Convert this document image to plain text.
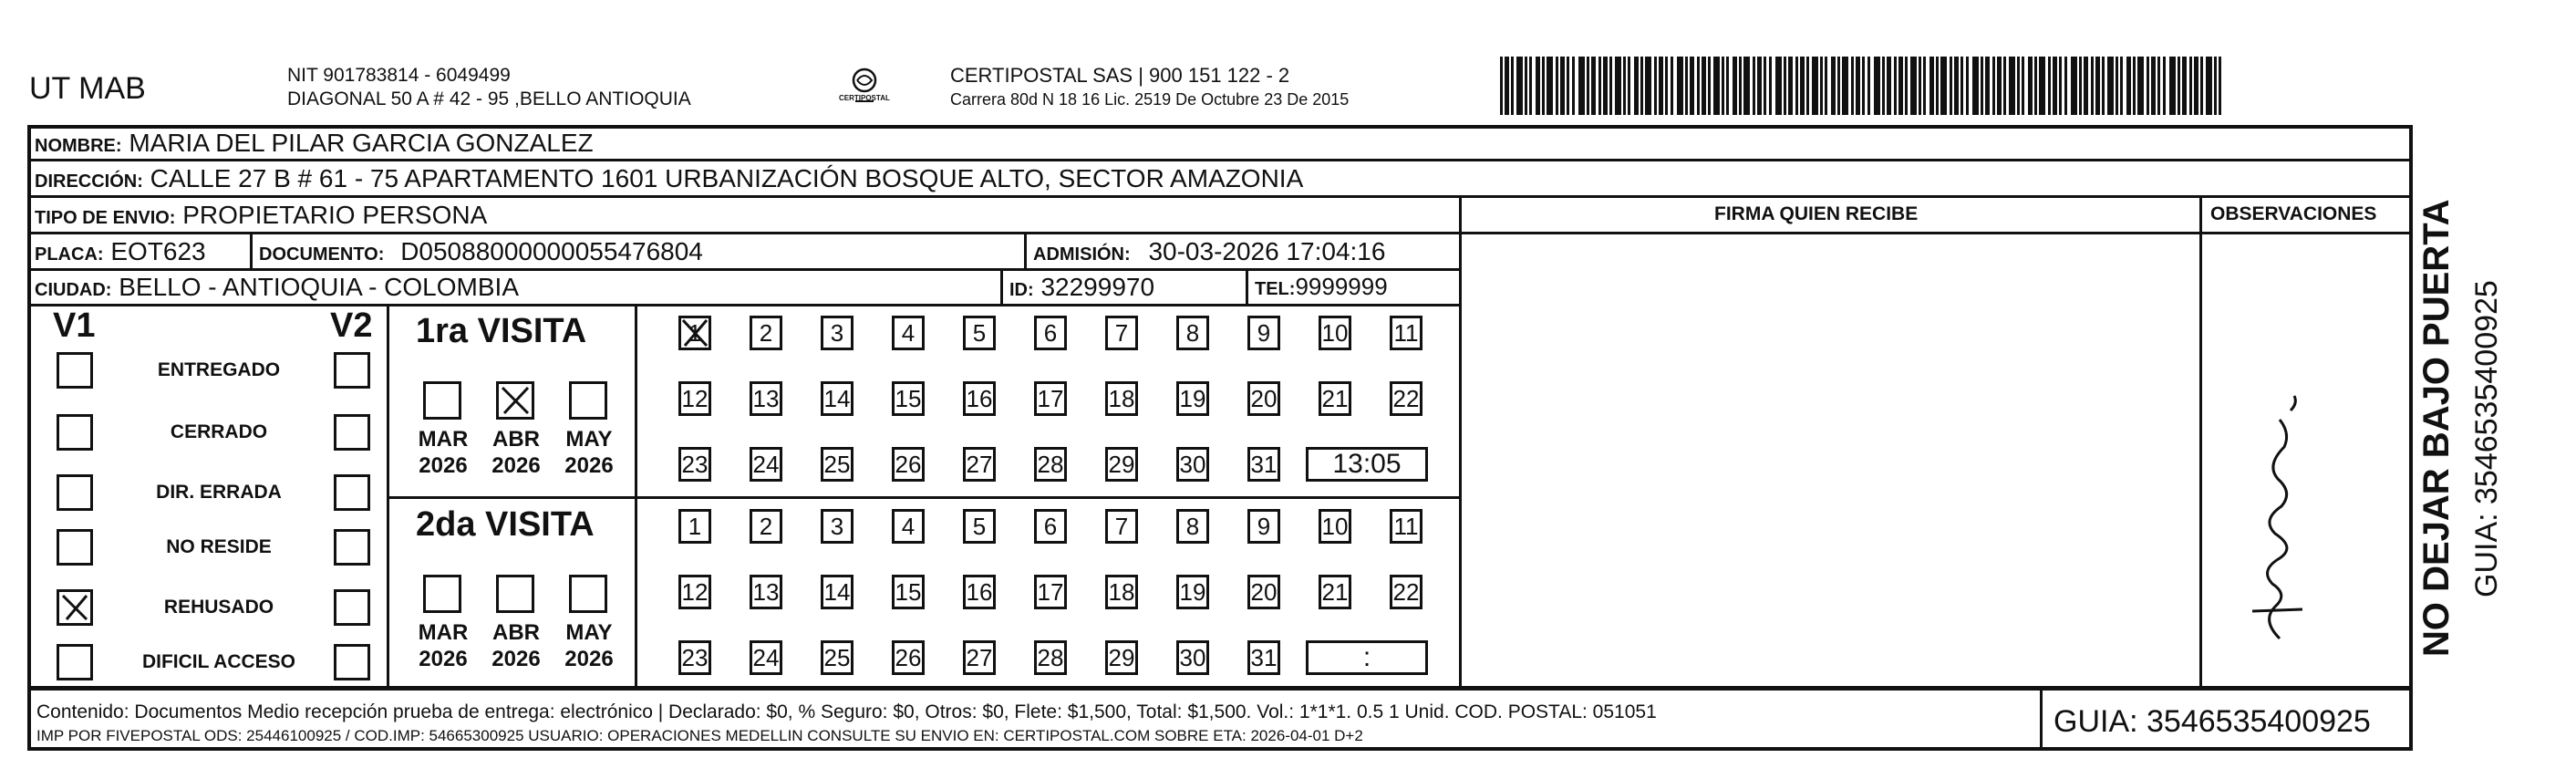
UT MAB	NIT 901783814 - 6049499
DIAGONAL 50 A # 42 - 95 ,BELLO ANTIOQUIA	CERTIPOSTAL
CERTIPOSTAL SAS | 900 151 122 - 2
Carrera 80d N 18 16 Lic. 2519 De Octubre 23 De 2015
NOMBRE: MARIA DEL PILAR GARCIA GONZALEZ
DIRECCIÓN: CALLE 27 B # 61 - 75 APARTAMENTO 1601 URBANIZACIÓN BOSQUE ALTO, SECTOR AMAZONIA
TIPO DE ENVIO: PROPIETARIO PERSONA	FIRMA QUIEN RECIBE	OBSERVACIONES
PLACA: EOT623	DOCUMENTO: D05088000000055476804	ADMISIÓN: 30-03-2026 17:04:16
CIUDAD: BELLO - ANTIOQUIA - COLOMBIA	ID: 32299970	TEL:9999999
V1	V2
ENTREGADO
CERRADO
DIR. ERRADA
NO RESIDE
REHUSADO
DIFICIL ACCESO
1ra VISITA
MAR
2026
ABR
2026
MAY
2026
1 2 3 4 5 6 7 8 9 10 11
12 13 14 15 16 17 18 19 20 21 22
23 24 25 26 27 28 29 30 31 13:05
2da VISITA
MAR
2026
ABR
2026
MAY
2026
1 2 3 4 5 6 7 8 9 10 11
12 13 14 15 16 17 18 19 20 21 22
23 24 25 26 27 28 29 30 31	:
Contenido: Documentos Medio recepción prueba de entrega: electrónico | Declarado: $0, % Seguro: $0, Otros: $0, Flete: $1,500, Total: $1,500. Vol.: 1*1*1. 0.5 1 Unid. COD. POSTAL: 051051
IMP POR FIVEPOSTAL ODS: 25446100925 / COD.IMP: 54665300925 USUARIO: OPERACIONES MEDELLIN CONSULTE SU ENVIO EN: CERTIPOSTAL.COM SOBRE ETA: 2026-04-01 D+2	GUIA: 3546535400925
NO DEJAR BAJO PUERTA GUIA: 3546535400925
